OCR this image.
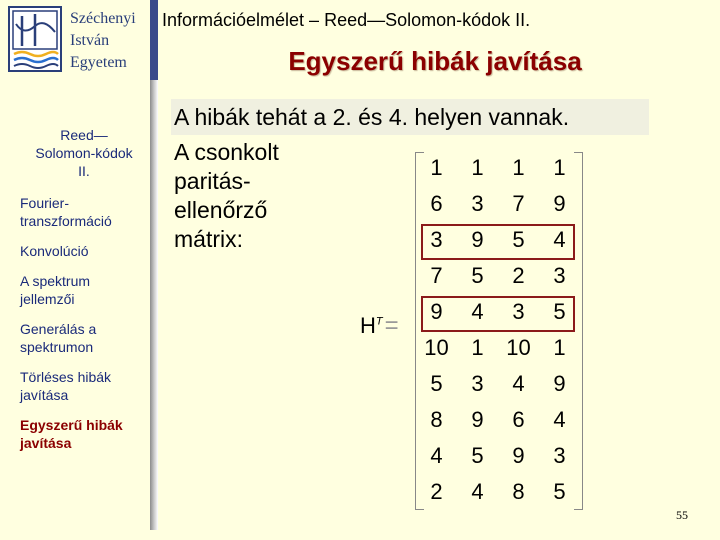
Széchenyi
István
Egyetem
Információelmélet – Reed—Solomon-kódok II.
Egyszerű hibák javítása
Reed—
Solomon-kódok
II.
Fourier-
transzformáció
Konvolúció
A spektrum
jellemzői
Generálás a
spektrumon
Törléses hibák
javítása
Egyszerű hibák
javítása
A hibák tehát a 2. és 4. helyen vannak.
A csonkolt
paritás-
ellenőrző
mátrix:
$H^T=$
1	1	1	1
6	3	7	9
3	9	5	4
7	5	2	3
9	4	3	5
10	1	10	1
5	3	4	9
8	9	6	4
4	5	9	3
2	4	8	5
55
